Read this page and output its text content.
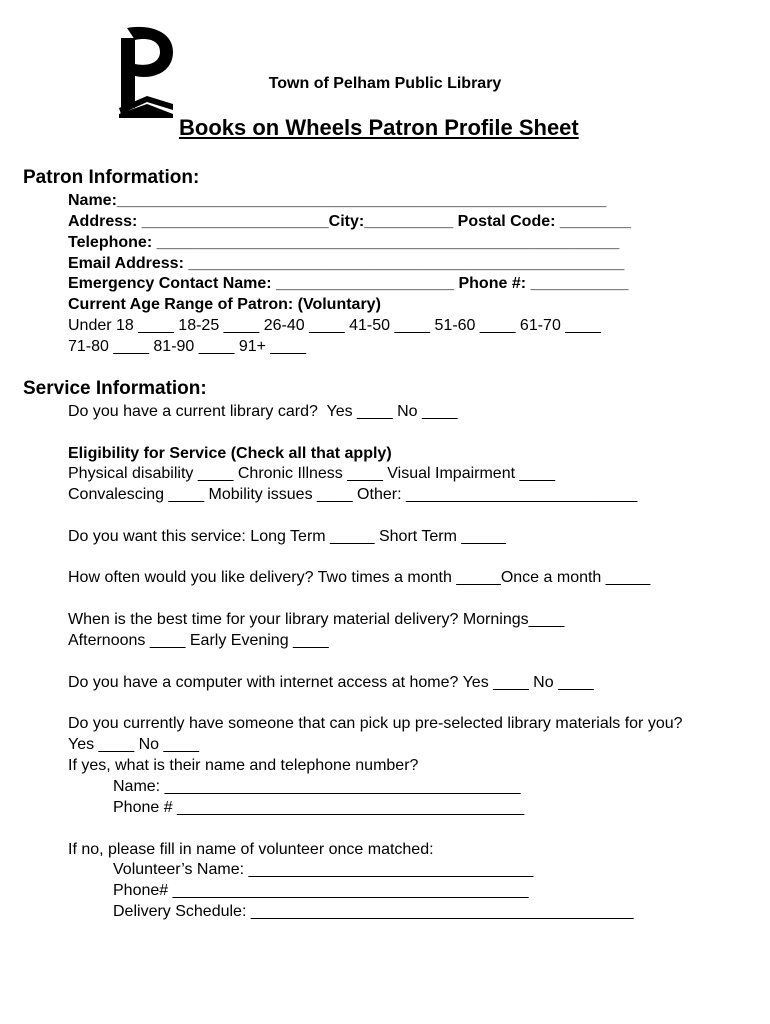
Town of Pelham Public Library
Books on Wheels Patron Profile Sheet
Patron Information:
Name:_______________________________________________________
Address: _____________________City:__________ Postal Code: ________
Telephone: ____________________________________________________
Email Address: _________________________________________________
Emergency Contact Name: ____________________ Phone #: ___________
Current Age Range of Patron: (Voluntary)
Under 18 ____ 18-25 ____ 26-40 ____ 41-50 ____ 51-60 ____ 61-70 ____
71-80 ____ 81-90 ____ 91+ ____
Service Information:
Do you have a current library card?  Yes ____ No ____
Eligibility for Service (Check all that apply)
Physical disability ____ Chronic Illness ____ Visual Impairment ____
Convalescing ____ Mobility issues ____ Other: __________________________
Do you want this service: Long Term _____ Short Term _____
How often would you like delivery? Two times a month _____Once a month _____
When is the best time for your library material delivery? Mornings____
Afternoons ____ Early Evening ____
Do you have a computer with internet access at home? Yes ____ No ____
Do you currently have someone that can pick up pre-selected library materials for you?
Yes ____ No ____
If yes, what is their name and telephone number?
Name: ________________________________________
Phone # _______________________________________
If no, please fill in name of volunteer once matched:
Volunteer’s Name: ________________________________
Phone# ________________________________________
Delivery Schedule: ___________________________________________
